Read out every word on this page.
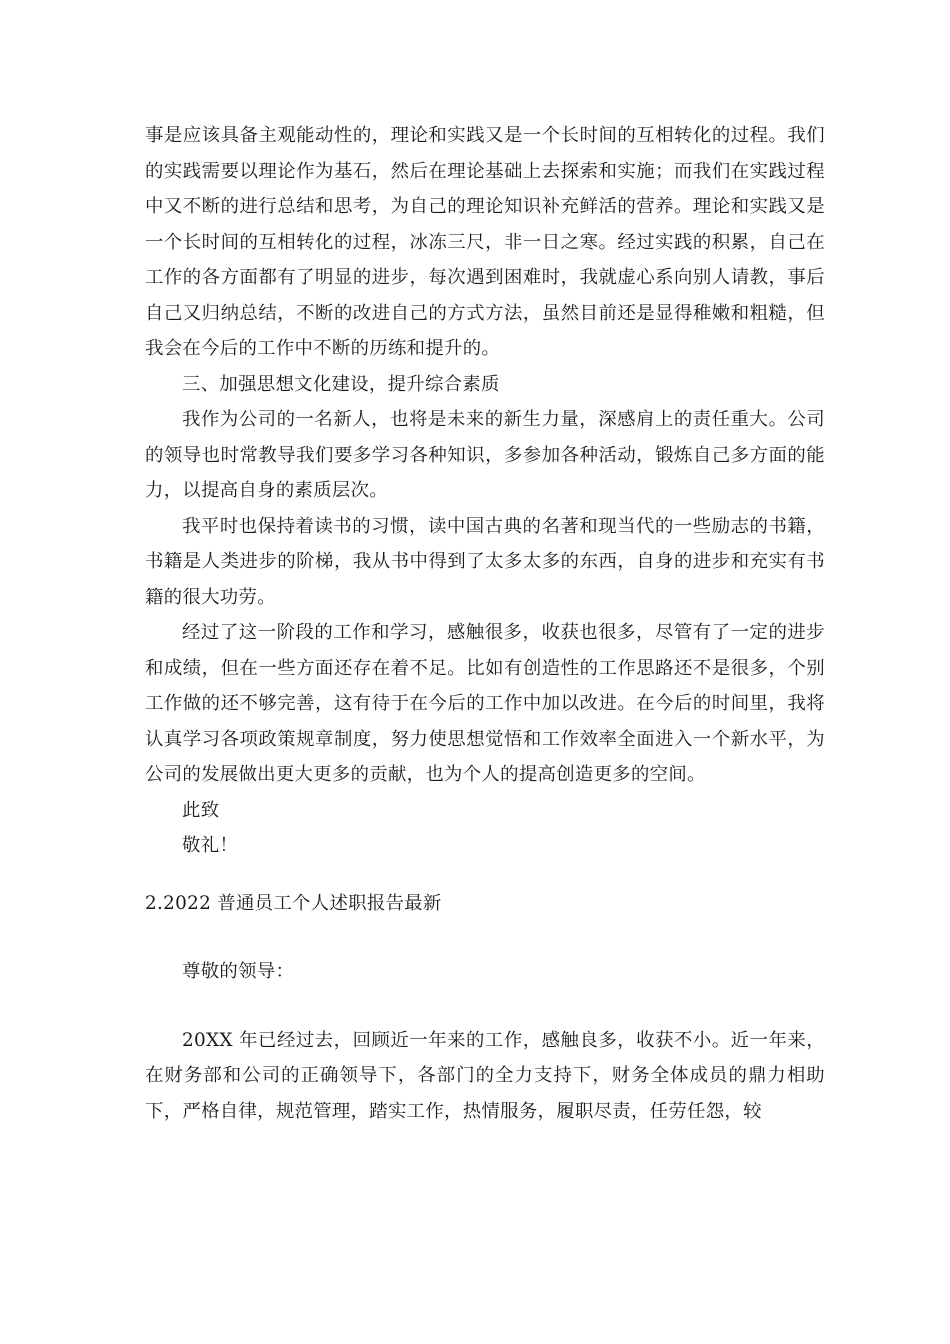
事是应该具备主观能动性的，理论和实践又是一个长时间的互相转化的过程。我们的实践需要以理论作为基石，然后在理论基础上去探索和实施；而我们在实践过程中又不断的进行总结和思考，为自己的理论知识补充鲜活的营养。理论和实践又是一个长时间的互相转化的过程，冰冻三尺，非一日之寒。经过实践的积累，自己在工作的各方面都有了明显的进步，每次遇到困难时，我就虚心系向别人请教，事后自己又归纳总结，不断的改进自己的方式方法，虽然目前还是显得稚嫩和粗糙，但我会在今后的工作中不断的历练和提升的。

三、加强思想文化建设，提升综合素质

我作为公司的一名新人，也将是未来的新生力量，深感肩上的责任重大。公司的领导也时常教导我们要多学习各种知识，多参加各种活动，锻炼自己多方面的能力，以提高自身的素质层次。

我平时也保持着读书的习惯，读中国古典的名著和现当代的一些励志的书籍，书籍是人类进步的阶梯，我从书中得到了太多太多的东西，自身的进步和充实有书籍的很大功劳。

经过了这一阶段的工作和学习，感触很多，收获也很多，尽管有了一定的进步和成绩，但在一些方面还存在着不足。比如有创造性的工作思路还不是很多，个别工作做的还不够完善，这有待于在今后的工作中加以改进。在今后的时间里，我将认真学习各项政策规章制度，努力使思想觉悟和工作效率全面进入一个新水平，为公司的发展做出更大更多的贡献，也为个人的提高创造更多的空间。

此致

敬礼！

2.2022 普通员工个人述职报告最新

尊敬的领导：

20XX 年已经过去，回顾近一年来的工作，感触良多，收获不小。近一年来，在财务部和公司的正确领导下，各部门的全力支持下，财务全体成员的鼎力相助下，严格自律，规范管理，踏实工作，热情服务，履职尽责，任劳任怨，较
